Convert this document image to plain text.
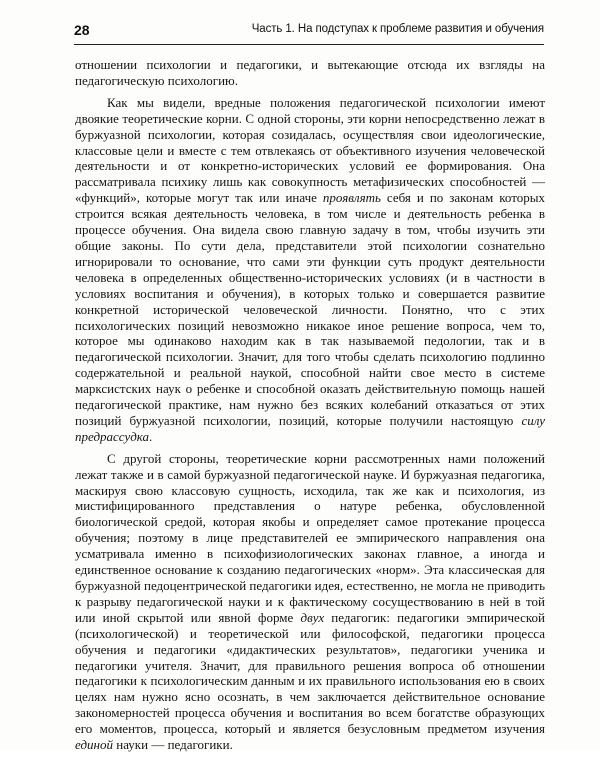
28	Часть 1. На подступах к проблеме развития и обучения

отношении психологии и педагогики, и вытекающие отсюда их взгляды на педагогическую психологию.

Как мы видели, вредные положения педагогической психологии имеют двоякие теоретические корни. С одной стороны, эти корни непосредственно лежат в буржуазной психологии, которая созидалась, осуществляя свои идеологические, классовые цели и вместе с тем отвлекаясь от объективного изучения человеческой деятельности и от конкретно-исторических условий ее формирования. Она рассматривала психику лишь как совокупность метафизических способностей — «функций», которые могут так или иначе проявлять себя и по законам которых строится всякая деятельность человека, в том числе и деятельность ребенка в процессе обучения. Она видела свою главную задачу в том, чтобы изучить эти общие законы. По сути дела, представители этой психологии сознательно игнорировали то основание, что сами эти функции суть продукт деятельности человека в определенных общественно-исторических условиях (и в частности в условиях воспитания и обучения), в которых только и совершается развитие конкретной исторической человеческой личности. Понятно, что с этих психологических позиций невозможно никакое иное решение вопроса, чем то, которое мы одинаково находим как в так называемой педологии, так и в педагогической психологии. Значит, для того чтобы сделать психологию подлинно содержательной и реальной наукой, способной найти свое место в системе марксистских наук о ребенке и способной оказать действительную помощь нашей педагогической практике, нам нужно без всяких колебаний отказаться от этих позиций буржуазной психологии, позиций, которые получили настоящую силу предрассудка.

С другой стороны, теоретические корни рассмотренных нами положений лежат также и в самой буржуазной педагогической науке. И буржуазная педагогика, маскируя свою классовую сущность, исходила, так же как и психология, из мистифицированного представления о натуре ребенка, обусловленной биологической средой, которая якобы и определяет самое протекание процесса обучения; поэтому в лице представителей ее эмпирического направления она усматривала именно в психофизиологических законах главное, а иногда и единственное основание к созданию педагогических «норм». Эта классическая для буржуазной педоцентрической педагогики идея, естественно, не могла не приводить к разрыву педагогической науки и к фактическому сосуществованию в ней в той или иной скрытой или явной форме двух педагогик: педагогики эмпирической (психологической) и теоретической или философской, педагогики процесса обучения и педагогики «дидактических результатов», педагогики ученика и педагогики учителя. Значит, для правильного решения вопроса об отношении педагогики к психологическим данным и их правильного использования ею в своих целях нам нужно ясно осознать, в чем заключается действительное основание закономерностей процесса обучения и воспитания во всем богатстве образующих его моментов, процесса, который и является безусловным предметом изучения единой науки — педагогики.
